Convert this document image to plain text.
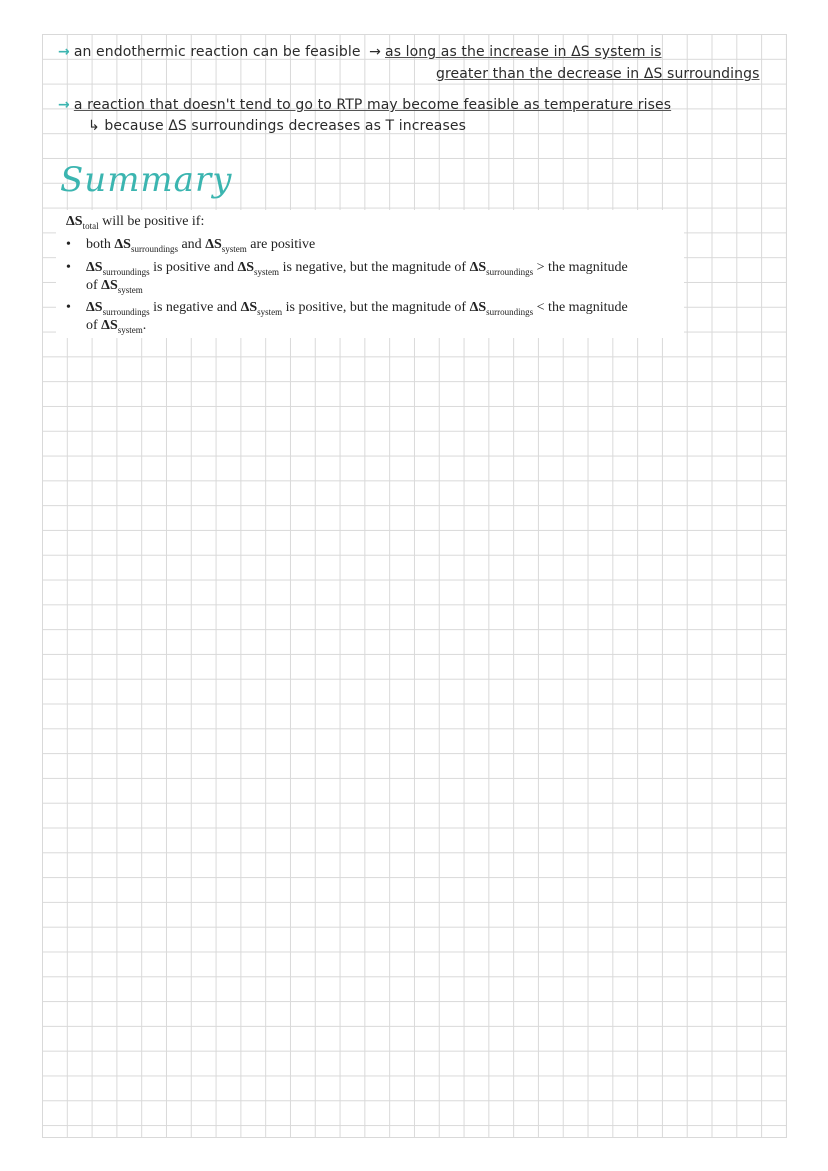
→ an endothermic reaction can be feasible → as long as the increase in ΔS system is
greater than the decrease in ΔS surroundings
→ a reaction that doesn't tend to go to RTP may become feasible as temperature rises
↳ because ΔS surroundings decreases as T increases
Summary
$\Delta S_{total}$ will be positive if:
• both $\Delta S_{surroundings}$ and $\Delta S_{system}$ are positive
• $\Delta S_{surroundings}$ is positive and $\Delta S_{system}$ is negative, but the magnitude of $\Delta S_{surroundings}$ > the magnitude
of $\Delta S_{system}$
• $\Delta S_{surroundings}$ is negative and $\Delta S_{system}$ is positive, but the magnitude of $\Delta S_{surroundings}$ < the magnitude
of $\Delta S_{system}$.
